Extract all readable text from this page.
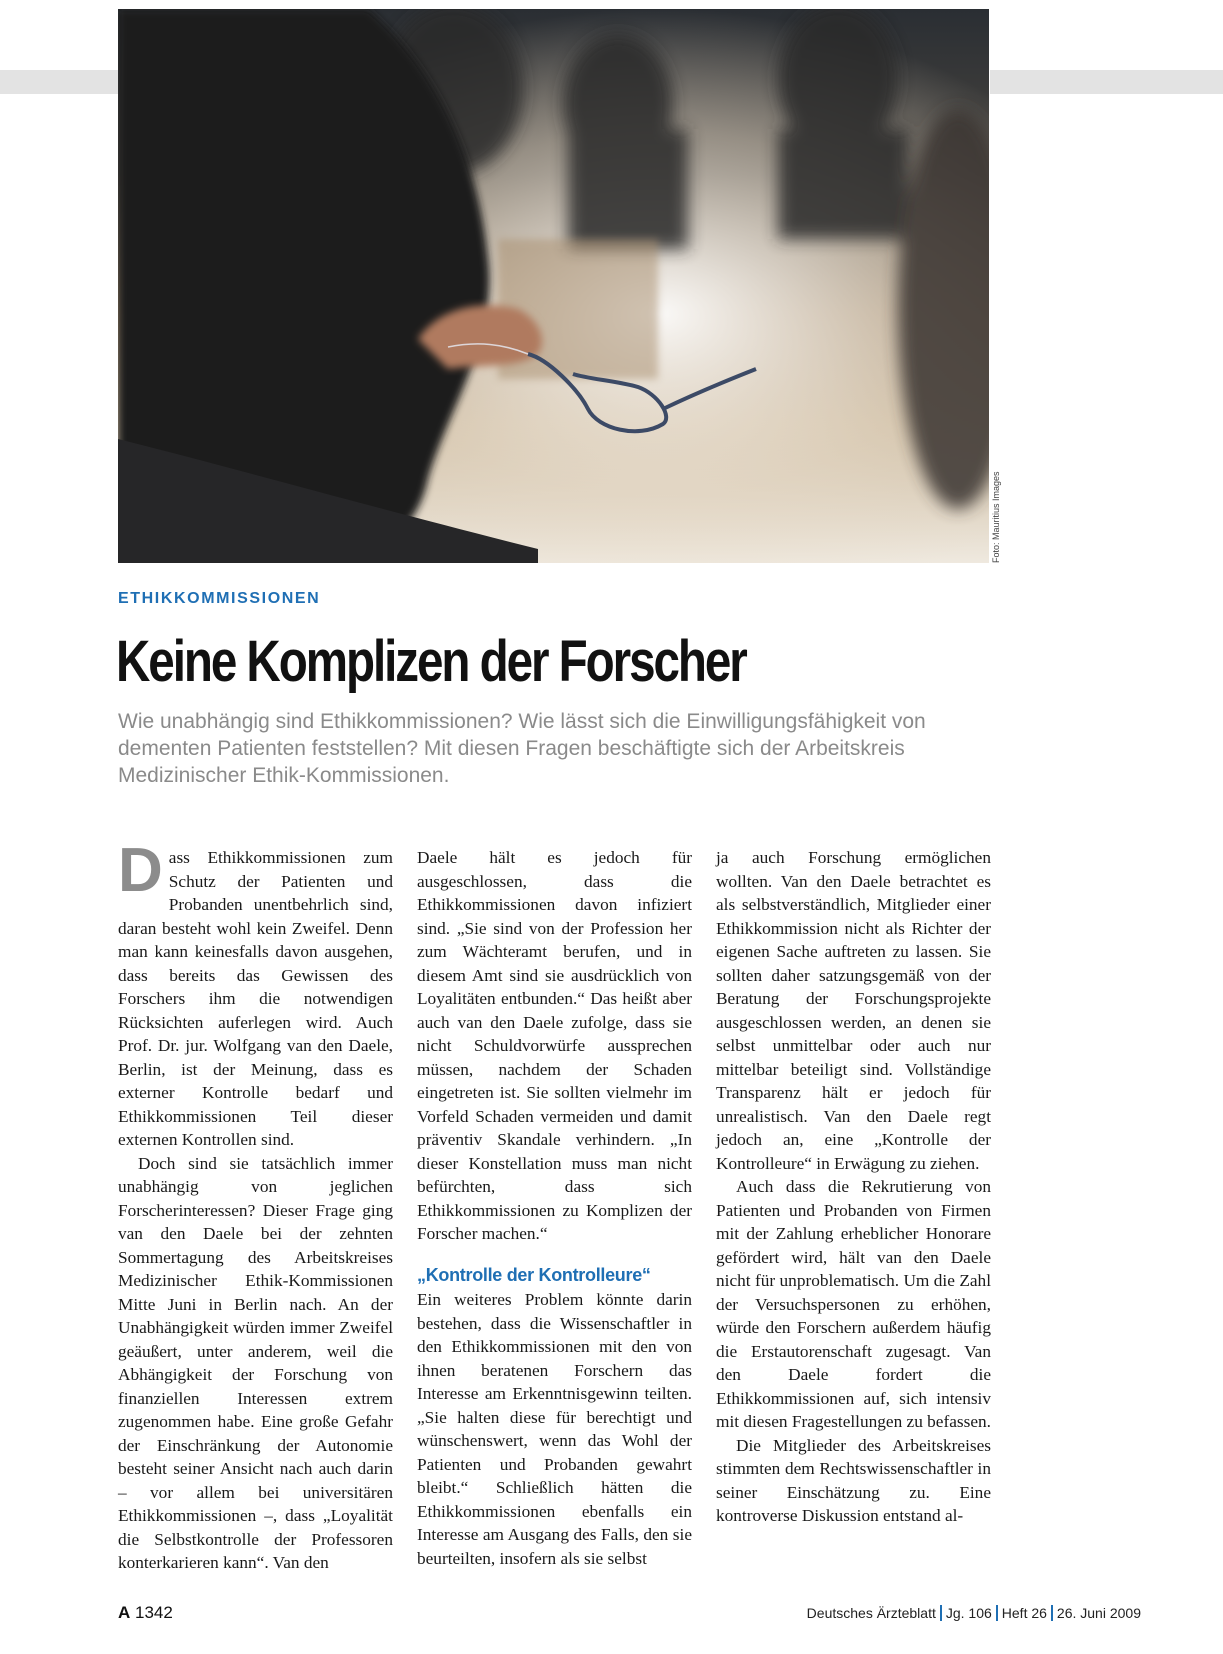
Foto: Mauritius Images
ETHIKKOMMISSIONEN
Keine Komplizen der Forscher

Wie unabhängig sind Ethikkommissionen? Wie lässt sich die Einwilligungsfähigkeit von dementen Patienten feststellen? Mit diesen Fragen beschäftigte sich der Arbeitskreis Medizinischer Ethik-Kommissionen.

Dass Ethikkommissionen zum Schutz der Patienten und Probanden unentbehrlich sind, daran besteht wohl kein Zweifel. Denn man kann keinesfalls davon ausgehen, dass bereits das Gewissen des Forschers ihm die notwendigen Rücksichten auferlegen wird. Auch Prof. Dr. jur. Wolfgang van den Daele, Berlin, ist der Meinung, dass es externer Kontrolle bedarf und Ethikkommissionen Teil dieser externen Kontrollen sind.

Doch sind sie tatsächlich immer unabhängig von jeglichen Forscherinteressen? Dieser Frage ging van den Daele bei der zehnten Sommertagung des Arbeitskreises Medizinischer Ethik-Kommissionen Mitte Juni in Berlin nach. An der Unabhängigkeit würden immer Zweifel geäußert, unter anderem, weil die Abhängigkeit der Forschung von finanziellen Interessen extrem zugenommen habe. Eine große Gefahr der Einschränkung der Autonomie besteht seiner Ansicht nach auch darin – vor allem bei universitären Ethikkommissionen –, dass „Loyalität die Selbstkontrolle der Professoren konterkarieren kann“. Van den

Daele hält es jedoch für ausgeschlossen, dass die Ethikkommissionen davon infiziert sind. „Sie sind von der Profession her zum Wächteramt berufen, und in diesem Amt sind sie ausdrücklich von Loyalitäten entbunden.“ Das heißt aber auch van den Daele zufolge, dass sie nicht Schuldvorwürfe aussprechen müssen, nachdem der Schaden eingetreten ist. Sie sollten vielmehr im Vorfeld Schaden vermeiden und damit präventiv Skandale verhindern. „In dieser Konstellation muss man nicht befürchten, dass sich Ethikkommissionen zu Komplizen der Forscher machen.“

„Kontrolle der Kontrolleure“

Ein weiteres Problem könnte darin bestehen, dass die Wissenschaftler in den Ethikkommissionen mit den von ihnen beratenen Forschern das Interesse am Erkenntnisgewinn teilten. „Sie halten diese für berechtigt und wünschenswert, wenn das Wohl der Patienten und Probanden gewahrt bleibt.“ Schließlich hätten die Ethikkommissionen ebenfalls ein Interesse am Ausgang des Falls, den sie beurteilten, insofern als sie selbst

ja auch Forschung ermöglichen wollten. Van den Daele betrachtet es als selbstverständlich, Mitglieder einer Ethikkommission nicht als Richter der eigenen Sache auftreten zu lassen. Sie sollten daher satzungsgemäß von der Beratung der Forschungsprojekte ausgeschlossen werden, an denen sie selbst unmittelbar oder auch nur mittelbar beteiligt sind. Vollständige Transparenz hält er jedoch für unrealistisch. Van den Daele regt jedoch an, eine „Kontrolle der Kontrolleure“ in Erwägung zu ziehen.

Auch dass die Rekrutierung von Patienten und Probanden von Firmen mit der Zahlung erheblicher Honorare gefördert wird, hält van den Daele nicht für unproblematisch. Um die Zahl der Versuchspersonen zu erhöhen, würde den Forschern außerdem häufig die Erstautorenschaft zugesagt. Van den Daele fordert die Ethikkommissionen auf, sich intensiv mit diesen Fragestellungen zu befassen.

Die Mitglieder des Arbeitskreises stimmten dem Rechtswissenschaftler in seiner Einschätzung zu. Eine kontroverse Diskussion entstand al-

A 1342	Deutsches Ärzteblatt Jg. 106 Heft 26 26. Juni 2009
